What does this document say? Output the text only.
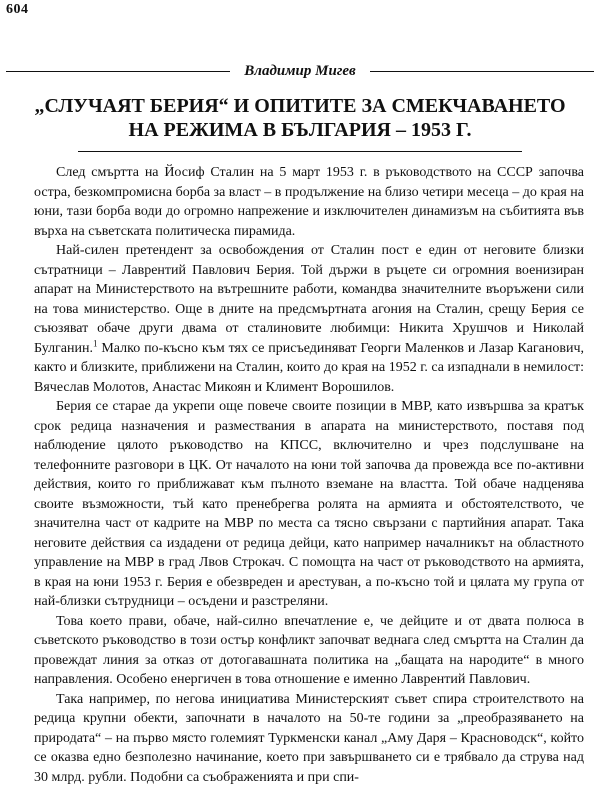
604
Владимир Мигев
„СЛУЧАЯТ БЕРИЯ“ И ОПИТИТЕ ЗА СМЕКЧАВАНЕТО
НА РЕЖИМА В БЪЛГАРИЯ – 1953 Г.

След смъртта на Йосиф Сталин на 5 март 1953 г. в ръководството на СССР започва остра, безкомпромисна борба за власт – в продължение на близо четири месеца – до края на юни, тази борба води до огромно напрежение и изключителен динамизъм на събитията във върха на съветската политическа пирамида.

Най-силен претендент за освобождения от Сталин пост е един от неговите близки сътратници – Лаврентий Павлович Берия. Той държи в ръцете си огромния военизиран апарат на Министерството на вътрешните работи, командва значителните въоръжени сили на това министерство. Още в дните на предсмъртната агония на Сталин, срещу Берия се съюзяват обаче други двама от сталиновите любимци: Никита Хрушчов и Николай Булганин.$^1$ Малко по-късно към тях се присъединяват Георги Маленков и Лазар Каганович, както и близките, приближени на Сталин, които до края на 1952 г. са изпаднали в немилост: Вячеслав Молотов, Анастас Микоян и Климент Ворошилов.

Берия се старае да укрепи още повече своите позиции в МВР, като извършва за кратък срок редица назначения и размествания в апарата на министерството, поставя под наблюдение цялото ръководство на КПСС, включително и чрез подслушване на телефонните разговори в ЦК. От началото на юни той започва да провежда все по-активни действия, които го приближават към пълното вземане на властта. Той обаче надценява своите възможности, тъй като пренебрегва ролята на армията и обстоятелството, че значителна част от кадрите на МВР по места са тясно свързани с партийния апарат. Така неговите действия са издадени от редица дейци, като например началникът на областното управление на МВР в град Лвов Строкач. С помощта на част от ръководството на армията, в края на юни 1953 г. Берия е обезвреден и арестуван, а по-късно той и цялата му група от най-близки сътрудници – осъдени и разстреляни.

Това което прави, обаче, най-силно впечатление е, че дейците и от двата полюса в съветското ръководство в този остър конфликт започват веднага след смъртта на Сталин да провеждат линия за отказ от дотогавашната политика на „бащата на народите“ в много направления. Особено енергичен в това отношение е именно Лаврентий Павлович.

Така например, по негова инициатива Министерският съвет спира строителството на редица крупни обекти, започнати в началото на 50-те години за „преобразяването на природата“ – на първо място големият Туркменски канал „Аму Даря – Красноводск“, който се оказва едно безполезно начинание, което при завършването си е трябвало да струва над 30 млрд. рубли. Подобни са съображенията и при спи-
